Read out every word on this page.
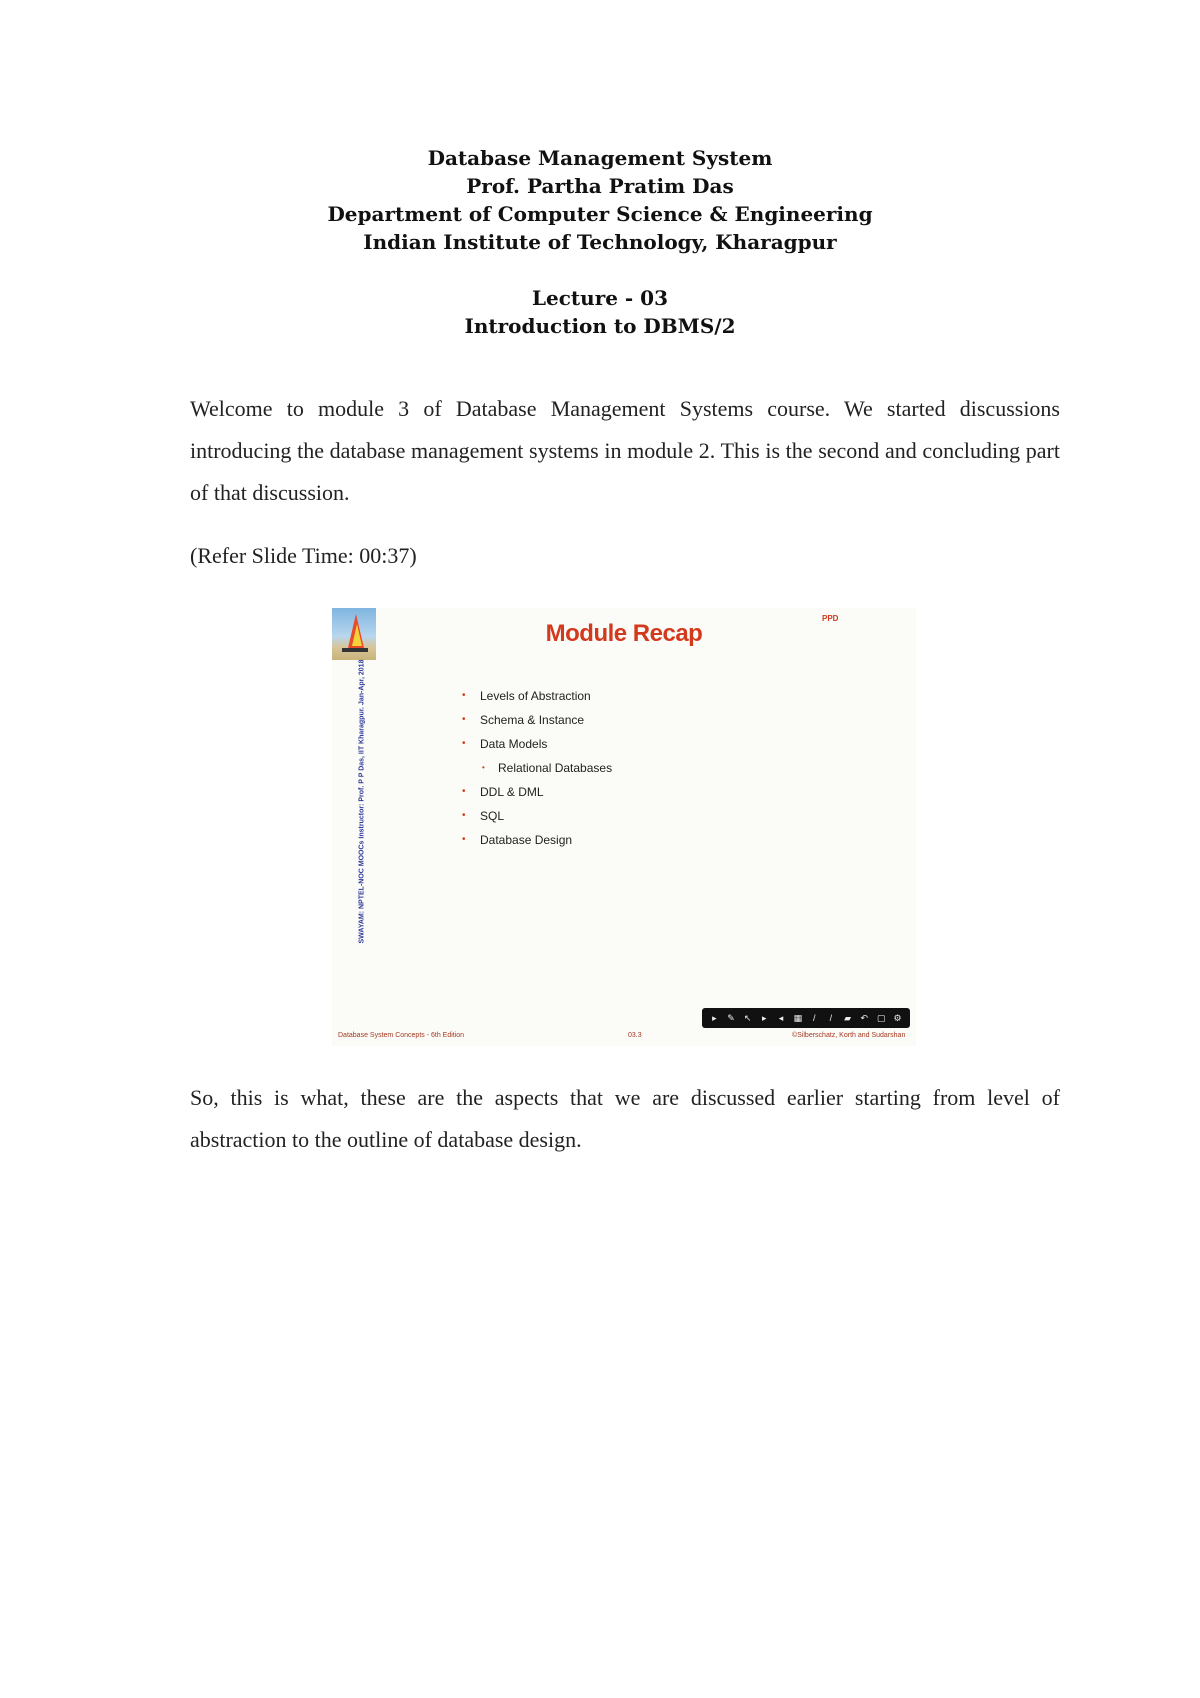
Database Management System
Prof. Partha Pratim Das
Department of Computer Science & Engineering
Indian Institute of Technology, Kharagpur
Lecture - 03
Introduction to DBMS/2
Welcome to module 3 of Database Management Systems course. We started discussions introducing the database management systems in module 2. This is the second and concluding part of that discussion.
(Refer Slide Time: 00:37)
Module Recap
PPD
SWAYAM: NPTEL-NOC MOOCs Instructor: Prof. P P Das, IIT Kharagpur. Jan-Apr, 2018	• Levels of Abstraction
• Schema & Instance
• Data Models
• Relational Databases
• DDL & DML
• SQL
• Database Design
▸ ✎ ↖ ▸ ◂ ▦	/	/	▰ ↶ ▢ ⚙
Database System Concepts - 6th Edition	03.3	©Silberschatz, Korth and Sudarshan
So, this is what, these are the aspects that we are discussed earlier starting from level of abstraction to the outline of database design.
